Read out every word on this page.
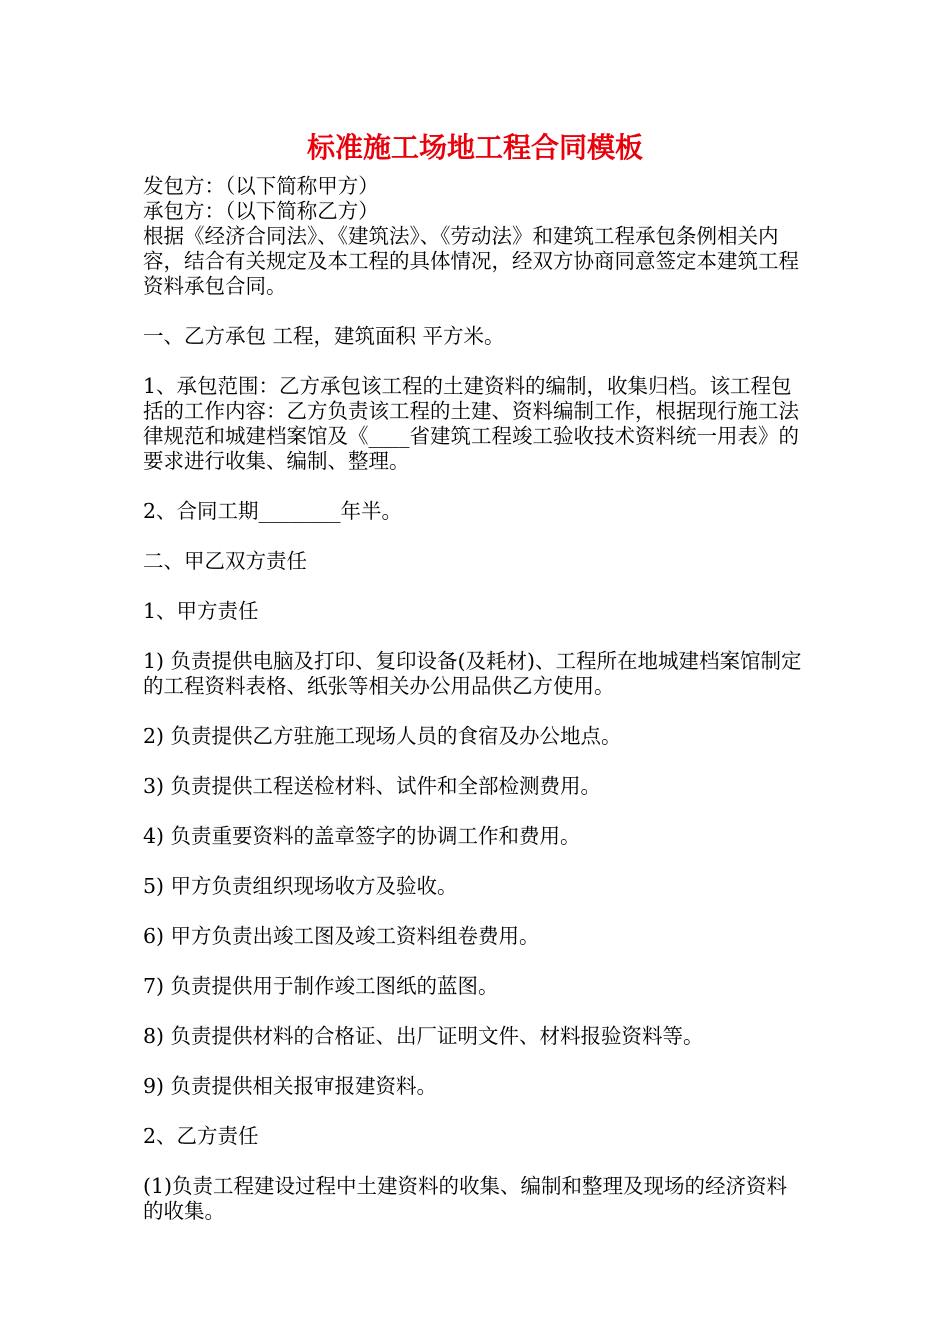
标准施工场地工程合同模板

发包方：（以下简称甲方）

承包方：（以下简称乙方）

根据《经济合同法》、《建筑法》、《劳动法》和建筑工程承包条例相关内容，结合有关规定及本工程的具体情况，经双方协商同意签定本建筑工程资料承包合同。

一、乙方承包 工程，建筑面积 平方米。

1、承包范围：乙方承包该工程的土建资料的编制，收集归档。该工程包括的工作内容：乙方负责该工程的土建、资料编制工作，根据现行施工法律规范和城建档案馆及《____省建筑工程竣工验收技术资料统一用表》的要求进行收集、编制、整理。

2、合同工期________年半。

二、甲乙双方责任

1、甲方责任

1) 负责提供电脑及打印、复印设备(及耗材)、工程所在地城建档案馆制定的工程资料表格、纸张等相关办公用品供乙方使用。

2) 负责提供乙方驻施工现场人员的食宿及办公地点。

3) 负责提供工程送检材料、试件和全部检测费用。

4) 负责重要资料的盖章签字的协调工作和费用。

5) 甲方负责组织现场收方及验收。

6) 甲方负责出竣工图及竣工资料组卷费用。

7) 负责提供用于制作竣工图纸的蓝图。

8) 负责提供材料的合格证、出厂证明文件、材料报验资料等。

9) 负责提供相关报审报建资料。

2、乙方责任

(1)负责工程建设过程中土建资料的收集、编制和整理及现场的经济资料的收集。
